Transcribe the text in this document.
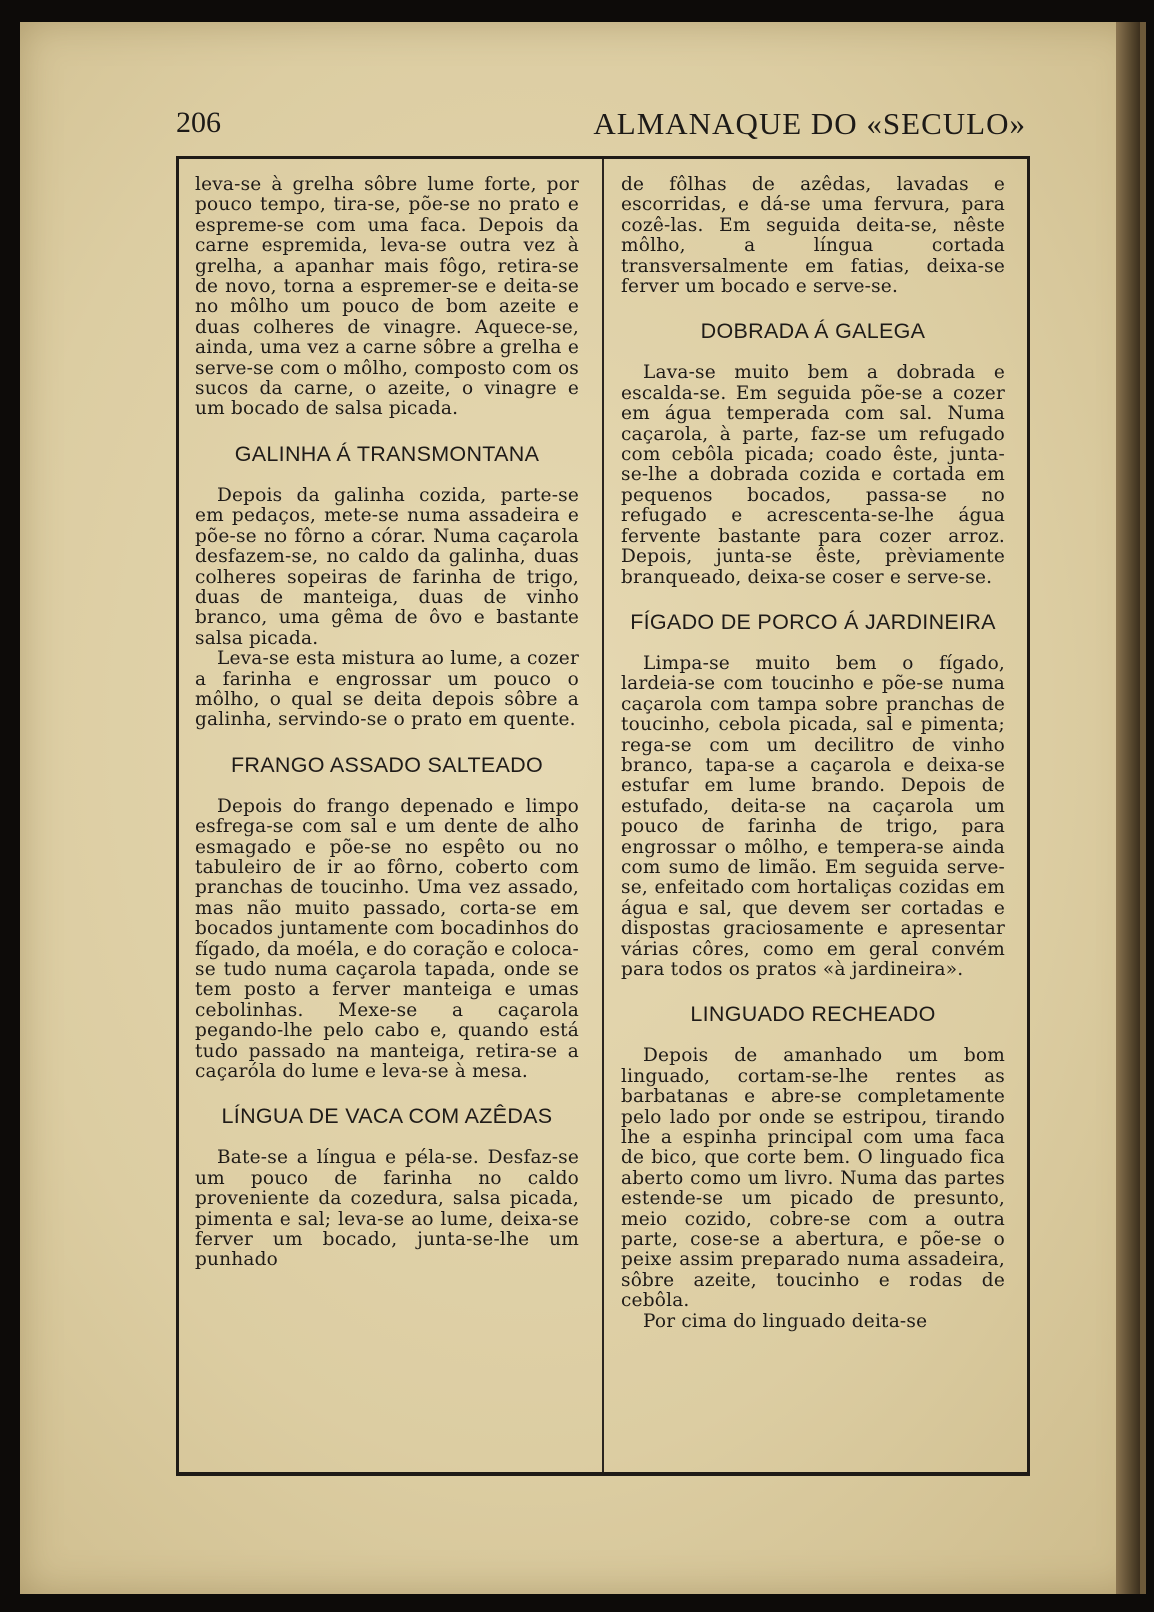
206	ALMANAQUE DO «SECULO»

leva-se à grelha sôbre lume forte, por pouco tempo, tira-se, põe-se no prato e espreme-se com uma faca. Depois da carne espremida, leva-se outra vez à grelha, a apanhar mais fôgo, retira-se de novo, torna a espremer-se e deita-se no môlho um pouco de bom azeite e duas colheres de vinagre. Aquece-se, ainda, uma vez a carne sôbre a grelha e serve-se com o môlho, composto com os sucos da carne, o azeite, o vinagre e um bocado de salsa picada.

GALINHA Á TRANSMONTANA

Depois da galinha cozida, parte-se em pedaços, mete-se numa assadeira e põe-se no fôrno a córar. Numa caçarola desfazem-se, no caldo da galinha, duas colheres sopeiras de farinha de trigo, duas de manteiga, duas de vinho branco, uma gêma de ôvo e bastante salsa picada.

Leva-se esta mistura ao lume, a cozer a farinha e engrossar um pouco o môlho, o qual se deita depois sôbre a galinha, servindo-se o prato em quente.

FRANGO ASSADO SALTEADO

Depois do frango depenado e limpo esfrega-se com sal e um dente de alho esmagado e põe-se no espêto ou no tabuleiro de ir ao fôrno, coberto com pranchas de toucinho. Uma vez assado, mas não muito passado, corta-se em bocados juntamente com bocadinhos do fígado, da moéla, e do coração e coloca-se tudo numa caçarola tapada, onde se tem posto a ferver manteiga e umas cebolinhas. Mexe-se a caçarola pegando-lhe pelo cabo e, quando está tudo passado na manteiga, retira-se a caçaróla do lume e leva-se à mesa.

LÍNGUA DE VACA COM AZÊDAS

Bate-se a língua e péla-se. Desfaz-se um pouco de farinha no caldo proveniente da cozedura, salsa picada, pimenta e sal; leva-se ao lume, deixa-se ferver um bocado, junta-se-lhe um punhado

de fôlhas de azêdas, lavadas e escorridas, e dá-se uma fervura, para cozê-las. Em seguida deita-se, nêste môlho, a língua cortada transversalmente em fatias, deixa-se ferver um bocado e serve-se.

DOBRADA Á GALEGA

Lava-se muito bem a dobrada e escalda-se. Em seguida põe-se a cozer em água temperada com sal. Numa caçarola, à parte, faz-se um refugado com cebôla picada; coado êste, junta-se-lhe a dobrada cozida e cortada em pequenos bocados, passa-se no refugado e acrescenta-se-lhe água fervente bastante para cozer arroz. Depois, junta-se êste, prèviamente branqueado, deixa-se coser e serve-se.

FÍGADO DE PORCO Á JARDINEIRA

Limpa-se muito bem o fígado, lardeia-se com toucinho e põe-se numa caçarola com tampa sobre pranchas de toucinho, cebola picada, sal e pimenta; rega-se com um decilitro de vinho branco, tapa-se a caçarola e deixa-se estufar em lume brando. Depois de estufado, deita-se na caçarola um pouco de farinha de trigo, para engrossar o môlho, e tempera-se ainda com sumo de limão. Em seguida serve-se, enfeitado com hortaliças cozidas em água e sal, que devem ser cortadas e dispostas graciosamente e apresentar várias côres, como em geral convém para todos os pratos «à jardineira».

LINGUADO RECHEADO

Depois de amanhado um bom linguado, cortam-se-lhe rentes as barbatanas e abre-se completamente pelo lado por onde se estripou, tirando lhe a espinha principal com uma faca de bico, que corte bem. O linguado fica aberto como um livro. Numa das partes estende-se um picado de presunto, meio cozido, cobre-se com a outra parte, cose-se a abertura, e põe-se o peixe assim preparado numa assadeira, sôbre azeite, toucinho e rodas de cebôla.

Por cima do linguado deita-se
